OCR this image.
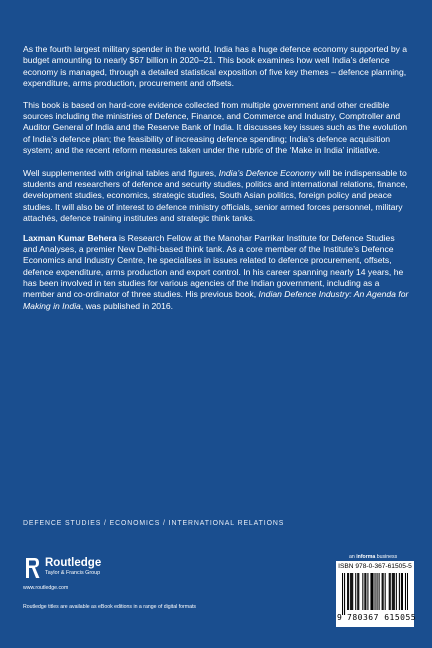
As the fourth largest military spender in the world, India has a huge defence economy supported by a budget amounting to nearly $67 billion in 2020–21. This book examines how well India’s defence economy is managed, through a detailed statistical exposition of five key themes – defence planning, expenditure, arms production, procurement and offsets.

This book is based on hard-core evidence collected from multiple government and other credible sources including the ministries of Defence, Finance, and Commerce and Industry, Comptroller and Auditor General of India and the Reserve Bank of India. It discusses key issues such as the evolution of India’s defence plan; the feasibility of increasing defence spending; India’s defence acquisition system; and the recent reform measures taken under the rubric of the ‘Make in India’ initiative.

Well supplemented with original tables and figures, India’s Defence Economy will be indispensable to students and researchers of defence and security studies, politics and international relations, finance, development studies, economics, strategic studies, South Asian politics, foreign policy and peace studies. It will also be of interest to defence ministry officials, senior armed forces personnel, military attachés, defence training institutes and strategic think tanks.

Laxman Kumar Behera is Research Fellow at the Manohar Parrikar Institute for Defence Studies and Analyses, a premier New Delhi-based think tank. As a core member of the Institute’s Defence Economics and Industry Centre, he specialises in issues related to defence procurement, offsets, defence expenditure, arms production and export control. In his career spanning nearly 14 years, he has been involved in ten studies for various agencies of the Indian government, including as a member and co-ordinator of three studies. His previous book, Indian Defence Industry: An Agenda for Making in India, was published in 2016.

DEFENCE STUDIES / ECONOMICS / INTERNATIONAL RELATIONS
Routledge
Taylor & Francis Group
www.routledge.com
Routledge titles are available as eBook editions in a range of digital formats
an informa business
ISBN 978-0-367-61505-5
9 780367 615055
